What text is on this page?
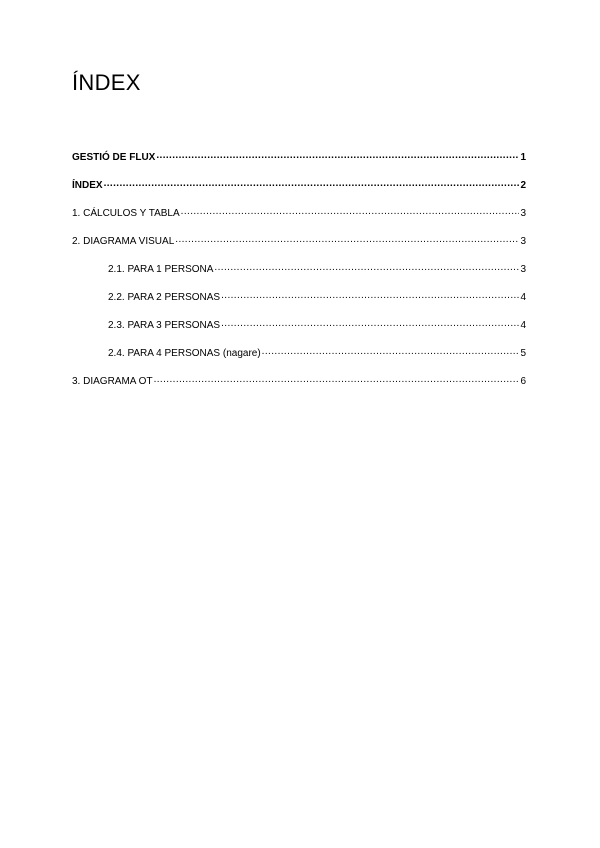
ÍNDEX
GESTIÓ DE FLUX .....	1
ÍNDEX .....	2
1. CÁLCULOS Y TABLA .....	3
2. DIAGRAMA VISUAL .....	3
2.1. PARA 1 PERSONA .....	3
2.2. PARA 2 PERSONAS .....	4
2.3. PARA 3 PERSONAS .....	4
2.4. PARA 4 PERSONAS (nagare) .....	5
3. DIAGRAMA OT .....	6
